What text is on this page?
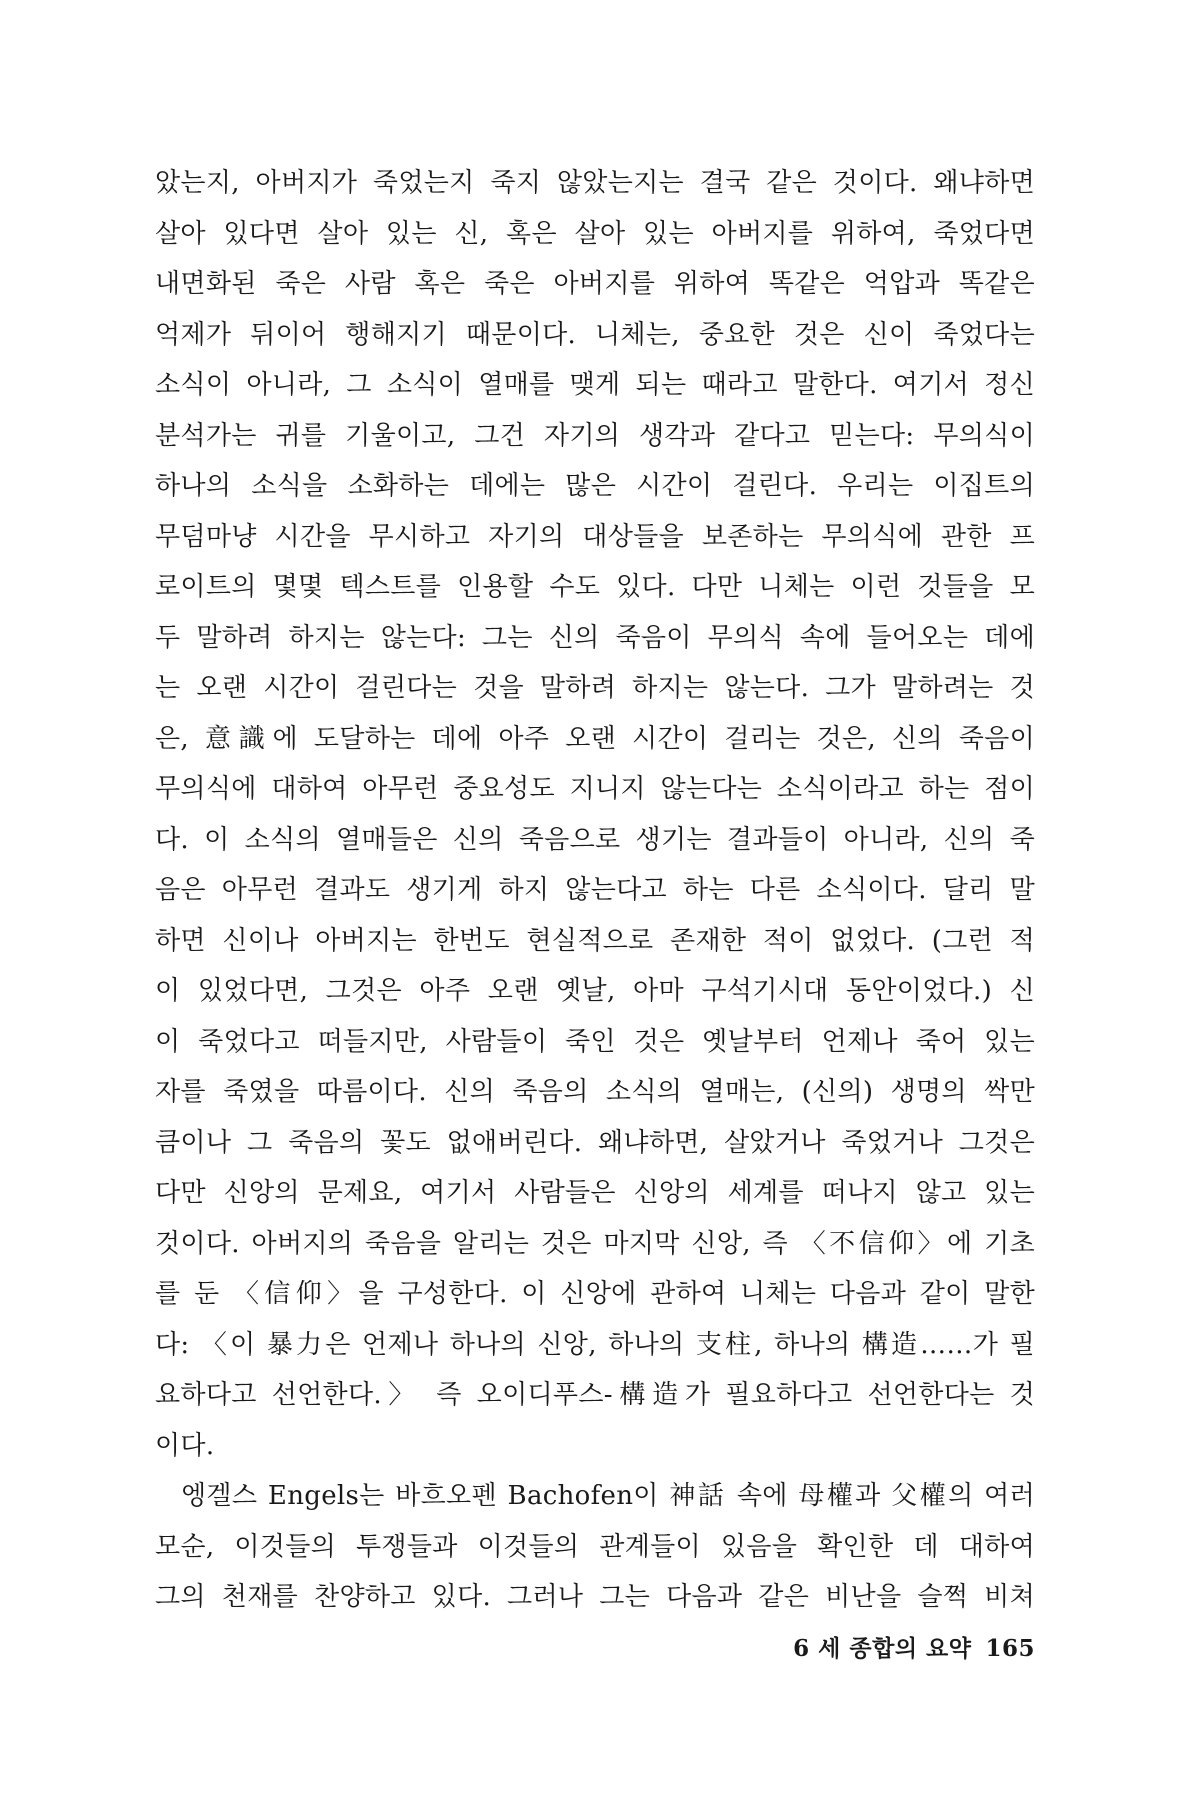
았는지, 아버지가 죽었는지 죽지 않았는지는 결국 같은 것이다. 왜냐하면
살아 있다면 살아 있는 신, 혹은 살아 있는 아버지를 위하여, 죽었다면
내면화된 죽은 사람 혹은 죽은 아버지를 위하여 똑같은 억압과 똑같은
억제가 뒤이어 행해지기 때문이다. 니체는, 중요한 것은 신이 죽었다는
소식이 아니라, 그 소식이 열매를 맺게 되는 때라고 말한다. 여기서 정신
분석가는 귀를 기울이고, 그건 자기의 생각과 같다고 믿는다: 무의식이
하나의 소식을 소화하는 데에는 많은 시간이 걸린다. 우리는 이집트의
무덤마냥 시간을 무시하고 자기의 대상들을 보존하는 무의식에 관한 프
로이트의 몇몇 텍스트를 인용할 수도 있다. 다만 니체는 이런 것들을 모
두 말하려 하지는 않는다: 그는 신의 죽음이 무의식 속에 들어오는 데에
는 오랜 시간이 걸린다는 것을 말하려 하지는 않는다. 그가 말하려는 것
은, 意識에 도달하는 데에 아주 오랜 시간이 걸리는 것은, 신의 죽음이
무의식에 대하여 아무런 중요성도 지니지 않는다는 소식이라고 하는 점이
다. 이 소식의 열매들은 신의 죽음으로 생기는 결과들이 아니라, 신의 죽
음은 아무런 결과도 생기게 하지 않는다고 하는 다른 소식이다. 달리 말
하면 신이나 아버지는 한번도 현실적으로 존재한 적이 없었다. (그런 적
이 있었다면, 그것은 아주 오랜 옛날, 아마 구석기시대 동안이었다.) 신
이 죽었다고 떠들지만, 사람들이 죽인 것은 옛날부터 언제나 죽어 있는
자를 죽였을 따름이다. 신의 죽음의 소식의 열매는, (신의) 생명의 싹만
큼이나 그 죽음의 꽃도 없애버린다. 왜냐하면, 살았거나 죽었거나 그것은
다만 신앙의 문제요, 여기서 사람들은 신앙의 세계를 떠나지 않고 있는
것이다. 아버지의 죽음을 알리는 것은 마지막 신앙, 즉 〈不信仰〉에 기초
를 둔 〈信仰〉을 구성한다. 이 신앙에 관하여 니체는 다음과 같이 말한
다: 〈이 暴力은 언제나 하나의 신앙, 하나의 支柱, 하나의 構造……가 필
요하다고 선언한다.〉 즉 오이디푸스-構造가 필요하다고 선언한다는 것
이다.
엥겔스 Engels는 바흐오펜 Bachofen이 神話 속에 母權과 父權의 여러
모순, 이것들의 투쟁들과 이것들의 관계들이 있음을 확인한 데 대하여
그의 천재를 찬양하고 있다. 그러나 그는 다음과 같은 비난을 슬쩍 비쳐
6 세 종합의 요약 165
